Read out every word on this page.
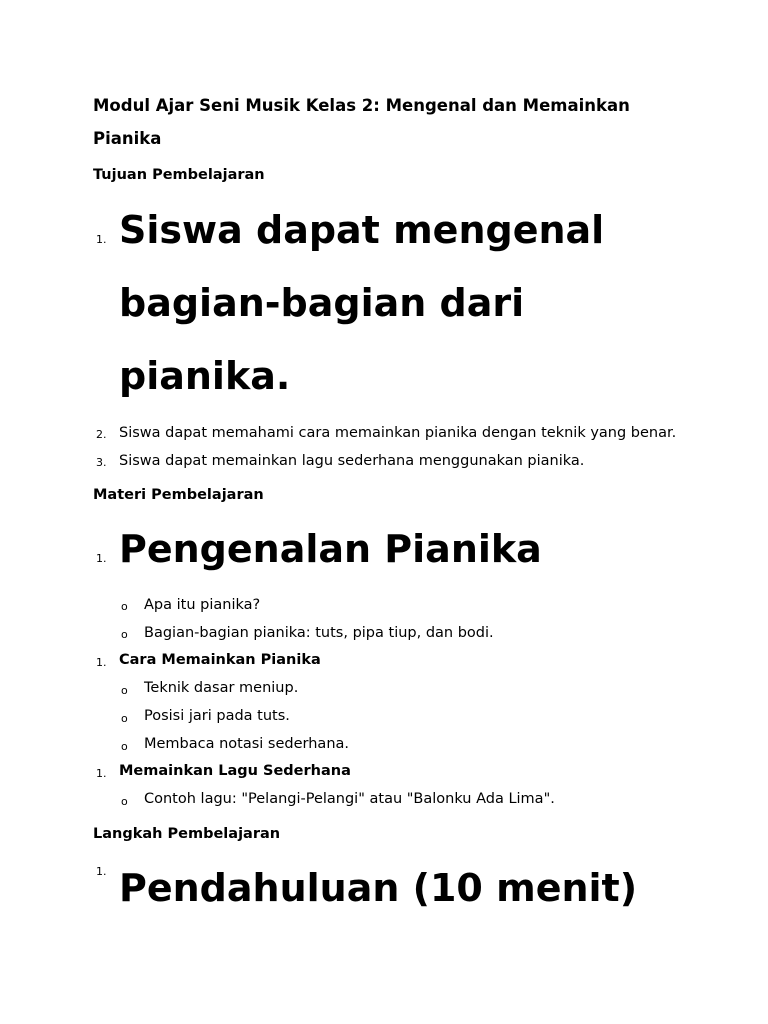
Modul Ajar Seni Musik Kelas 2: Mengenal dan Memainkan
Pianika
Tujuan Pembelajaran
1. Siswa dapat mengenal
bagian-bagian dari
pianika.
2. Siswa dapat memahami cara memainkan pianika dengan teknik yang benar.
3. Siswa dapat memainkan lagu sederhana menggunakan pianika.
Materi Pembelajaran
1. Pengenalan Pianika
o Apa itu pianika?
o Bagian-bagian pianika: tuts, pipa tiup, dan bodi.
1. Cara Memainkan Pianika
o Teknik dasar meniup.
o Posisi jari pada tuts.
o Membaca notasi sederhana.
1. Memainkan Lagu Sederhana
o Contoh lagu: "Pelangi-Pelangi" atau "Balonku Ada Lima".
Langkah Pembelajaran
1. Pendahuluan (10 menit)
